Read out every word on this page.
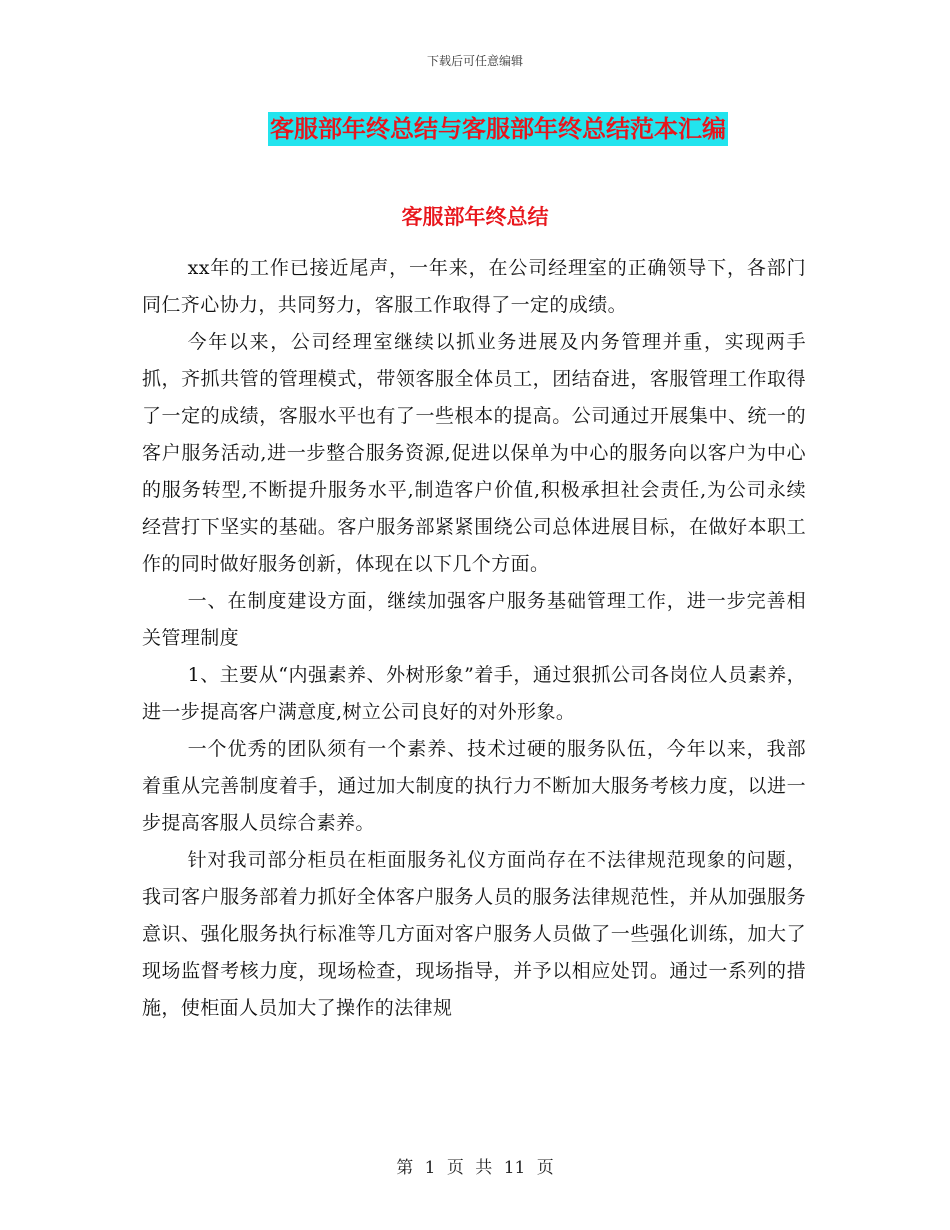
下载后可任意编辑
客服部年终总结与客服部年终总结范本汇编
客服部年终总结

xx年的工作已接近尾声，一年来，在公司经理室的正确领导下，各部门同仁齐心协力，共同努力，客服工作取得了一定的成绩。

今年以来，公司经理室继续以抓业务进展及内务管理并重，实现两手抓，齐抓共管的管理模式，带领客服全体员工，团结奋进，客服管理工作取得了一定的成绩，客服水平也有了一些根本的提高。公司通过开展集中、统一的客户服务活动,进一步整合服务资源,促进以保单为中心的服务向以客户为中心的服务转型,不断提升服务水平,制造客户价值,积极承担社会责任,为公司永续经营打下坚实的基础。客户服务部紧紧围绕公司总体进展目标，在做好本职工作的同时做好服务创新，体现在以下几个方面。

一、在制度建设方面，继续加强客户服务基础管理工作，进一步完善相关管理制度

1、主要从“内强素养、外树形象”着手，通过狠抓公司各岗位人员素养，进一步提高客户满意度,树立公司良好的对外形象。

一个优秀的团队须有一个素养、技术过硬的服务队伍，今年以来，我部着重从完善制度着手，通过加大制度的执行力不断加大服务考核力度，以进一步提高客服人员综合素养。

针对我司部分柜员在柜面服务礼仪方面尚存在不法律规范现象的问题，我司客户服务部着力抓好全体客户服务人员的服务法律规范性，并从加强服务意识、强化服务执行标准等几方面对客户服务人员做了一些强化训练，加大了现场监督考核力度，现场检查，现场指导，并予以相应处罚。通过一系列的措施，使柜面人员加大了操作的法律规

第 1 页 共 11 页
